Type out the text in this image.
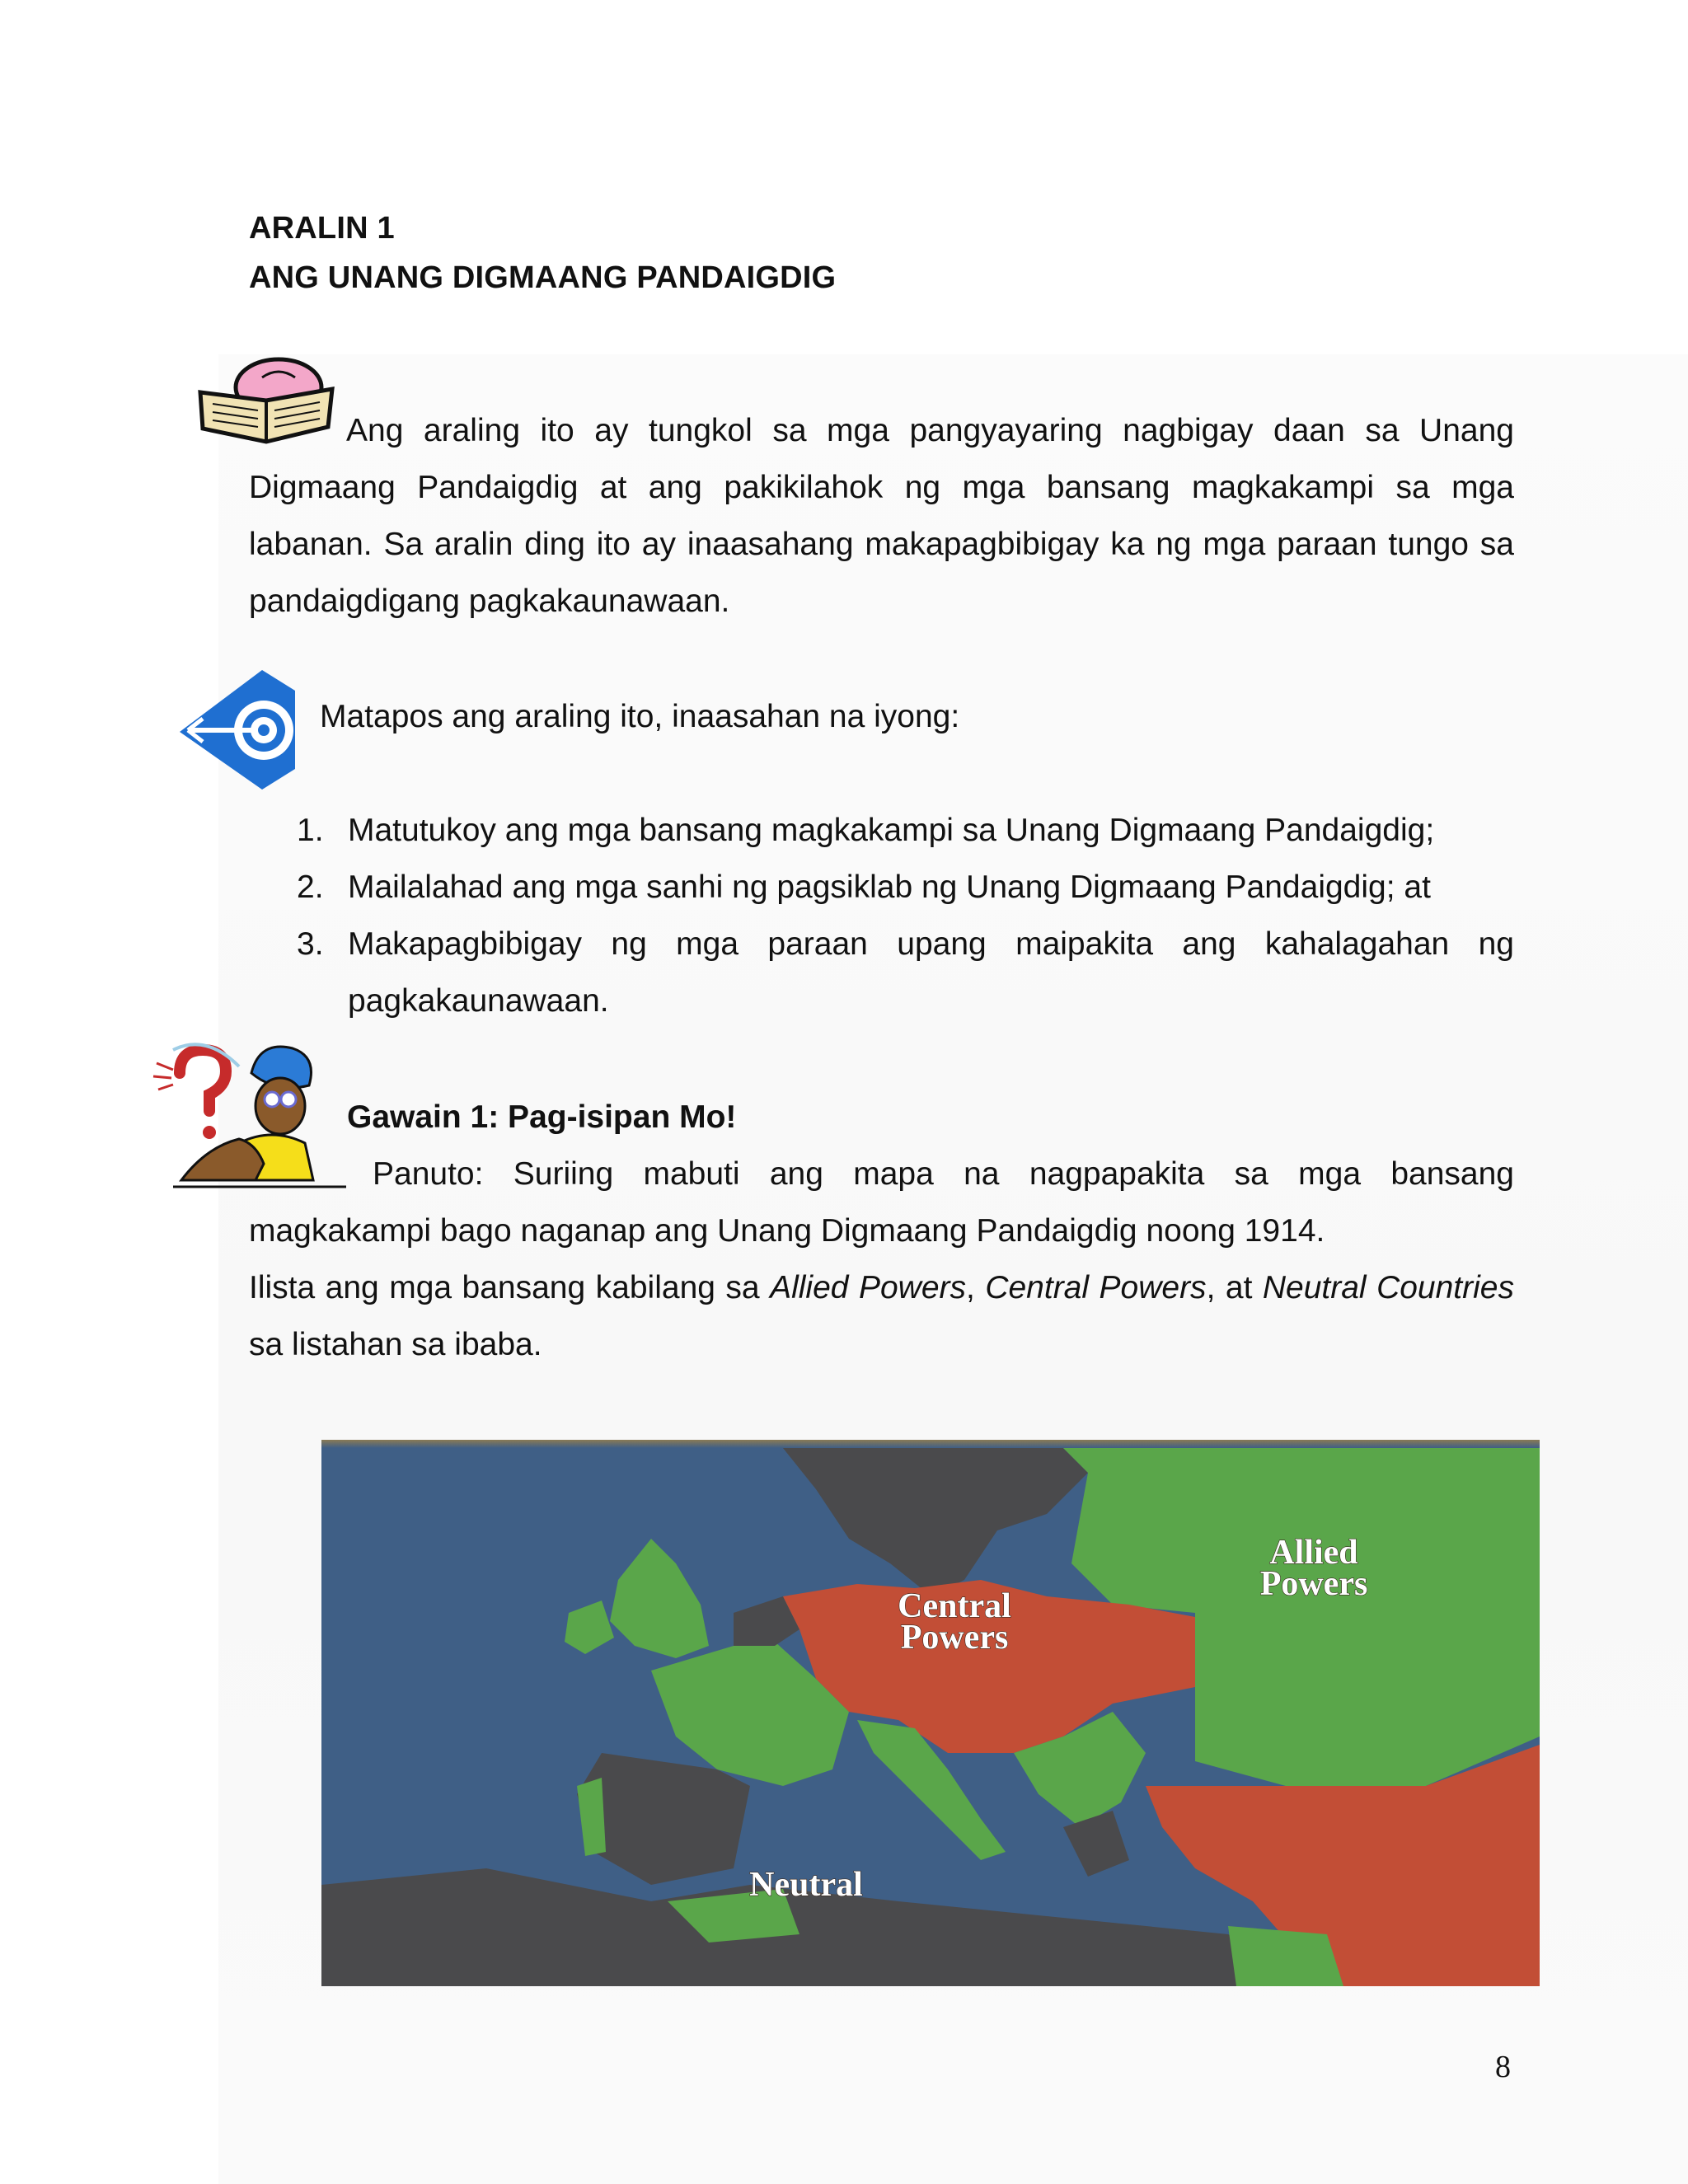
ARALIN 1
ANG UNANG DIGMAANG PANDAIGDIG
Ang araling ito ay tungkol sa mga pangyayaring nagbigay daan sa Unang Digmaang Pandaigdig at ang pakikilahok ng mga bansang magkakampi sa mga labanan. Sa aralin ding ito ay inaasahang makapagbibigay ka ng mga paraan tungo sa pandaigdigang pagkakaunawaan.
Matapos ang araling ito, inaasahan na iyong:
1. Matutukoy ang mga bansang magkakampi sa Unang Digmaang Pandaigdig;
2. Mailalahad ang mga sanhi ng pagsiklab ng Unang Digmaang Pandaigdig; at
3. Makapagbibigay ng mga paraan upang maipakita ang kahalagahan ng pagkakaunawaan.
Gawain 1: Pag-isipan Mo!
Panuto: Suriing mabuti ang mapa na nagpapakita sa mga bansang magkakampi bago naganap ang Unang Digmaang Pandaigdig noong 1914.
Ilista ang mga bansang kabilang sa Allied Powers, Central Powers, at Neutral Countries sa listahan sa ibaba.
Allied
Powers
Central
Powers
Neutral
8
